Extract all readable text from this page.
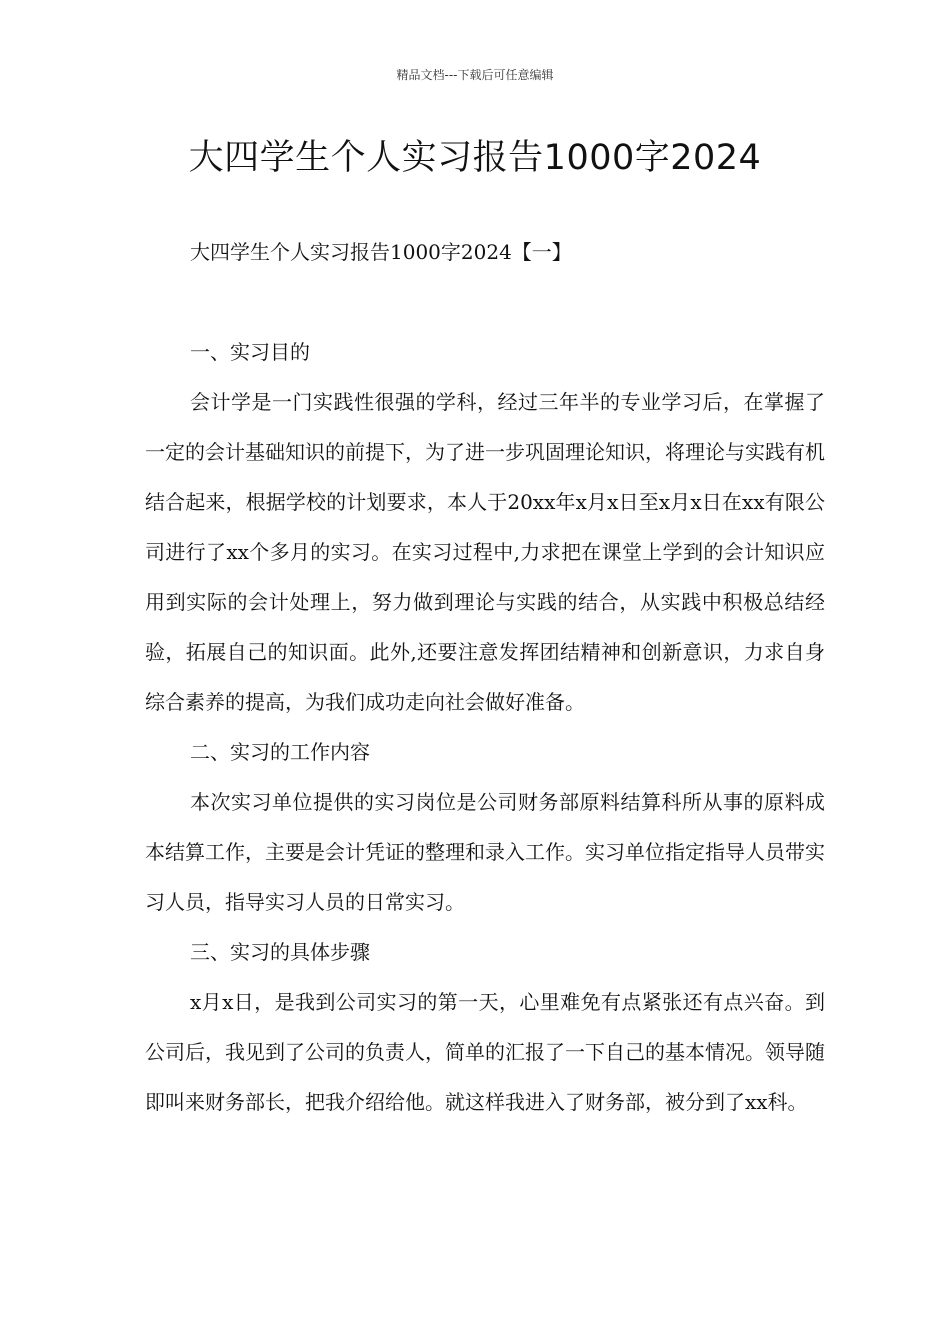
精品文档---下载后可任意编辑
大四学生个人实习报告1000字2024
大四学生个人实习报告1000字2024【一】

一、实习目的

会计学是一门实践性很强的学科，经过三年半的专业学习后，在掌握了一定的会计基础知识的前提下，为了进一步巩固理论知识，将理论与实践有机结合起来，根据学校的计划要求，本人于20xx年x月x日至x月x日在xx有限公司进行了xx个多月的实习。在实习过程中,力求把在课堂上学到的会计知识应用到实际的会计处理上，努力做到理论与实践的结合，从实践中积极总结经验，拓展自己的知识面。此外,还要注意发挥团结精神和创新意识，力求自身综合素养的提高，为我们成功走向社会做好准备。

二、实习的工作内容

本次实习单位提供的实习岗位是公司财务部原料结算科所从事的原料成本结算工作，主要是会计凭证的整理和录入工作。实习单位指定指导人员带实习人员，指导实习人员的日常实习。

三、实习的具体步骤

x月x日，是我到公司实习的第一天，心里难免有点紧张还有点兴奋。到公司后，我见到了公司的负责人，简单的汇报了一下自己的基本情况。领导随即叫来财务部长，把我介绍给他。就这样我进入了财务部，被分到了xx科。
